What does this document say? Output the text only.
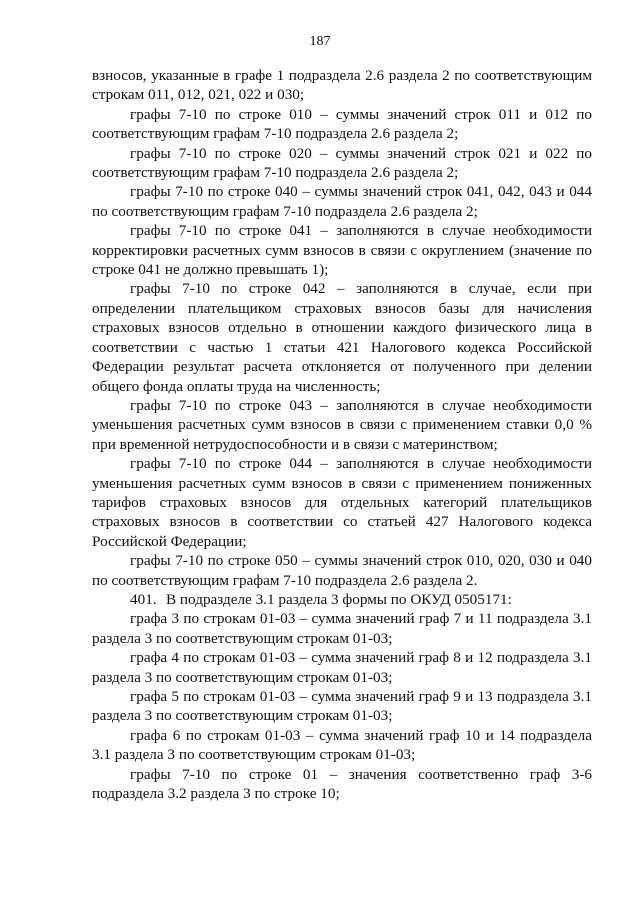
187

взносов, указанные в графе 1 подраздела 2.6 раздела 2 по соответствующим строкам 011, 012, 021, 022 и 030;

графы 7-10 по строке 010 – суммы значений строк 011 и 012 по соответствующим графам 7-10 подраздела 2.6 раздела 2;

графы 7-10 по строке 020 – суммы значений строк 021 и 022 по соответствующим графам 7-10 подраздела 2.6 раздела 2;

графы 7-10 по строке 040 – суммы значений строк 041, 042, 043 и 044 по соответствующим графам 7-10 подраздела 2.6 раздела 2;

графы 7-10 по строке 041 – заполняются в случае необходимости корректировки расчетных сумм взносов в связи с округлением (значение по строке 041 не должно превышать 1);

графы 7-10 по строке 042 – заполняются в случае, если при определении плательщиком страховых взносов базы для начисления страховых взносов отдельно в отношении каждого физического лица в соответствии с частью 1 статьи 421 Налогового кодекса Российской Федерации результат расчета отклоняется от полученного при делении общего фонда оплаты труда на численность;

графы 7-10 по строке 043 – заполняются в случае необходимости уменьшения расчетных сумм взносов в связи с применением ставки 0,0 % при временной нетрудоспособности и в связи с материнством;

графы 7-10 по строке 044 – заполняются в случае необходимости уменьшения расчетных сумм взносов в связи с применением пониженных тарифов страховых взносов для отдельных категорий плательщиков страховых взносов в соответствии со статьей 427 Налогового кодекса Российской Федерации;

графы 7-10 по строке 050 – суммы значений строк 010, 020, 030 и 040 по соответствующим графам 7-10 подраздела 2.6 раздела 2.

401. В подразделе 3.1 раздела 3 формы по ОКУД 0505171:

графа 3 по строкам 01-03 – сумма значений граф 7 и 11 подраздела 3.1 раздела 3 по соответствующим строкам 01-03;

графа 4 по строкам 01-03 – сумма значений граф 8 и 12 подраздела 3.1 раздела 3 по соответствующим строкам 01-03;

графа 5 по строкам 01-03 – сумма значений граф 9 и 13 подраздела 3.1 раздела 3 по соответствующим строкам 01-03;

графа 6 по строкам 01-03 – сумма значений граф 10 и 14 подраздела 3.1 раздела 3 по соответствующим строкам 01-03;

графы 7-10 по строке 01 – значения соответственно граф 3-6 подраздела 3.2 раздела 3 по строке 10;
